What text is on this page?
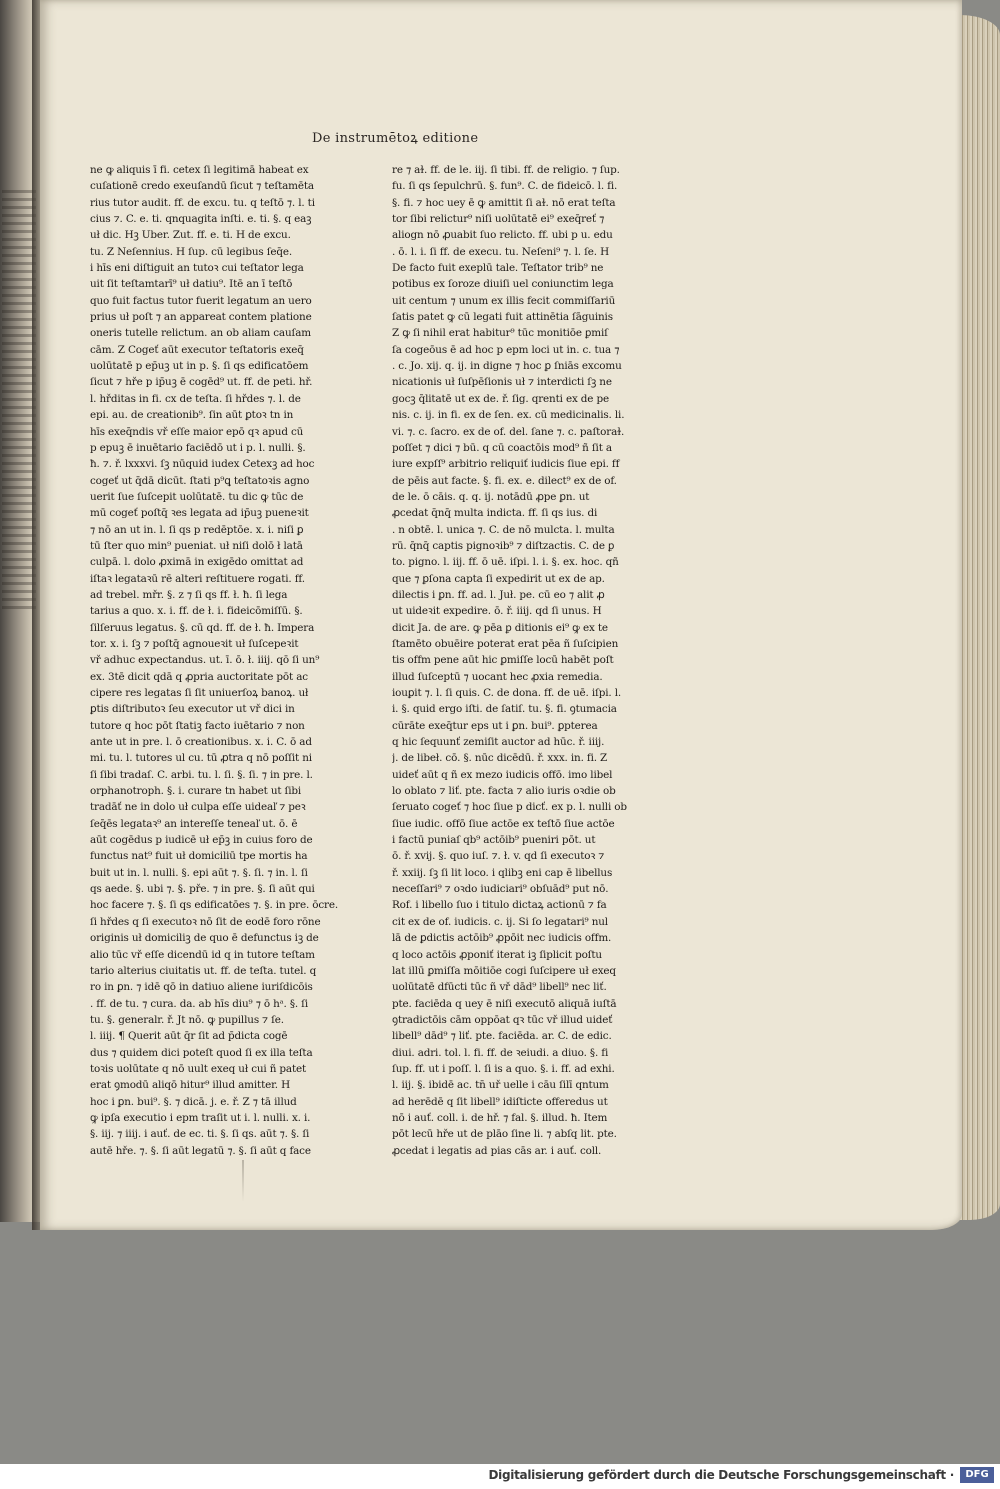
De instrumētoꝝ editione
ne ꝙ aliquis ī fi. cetex ſi legitimā habeat ex
cuſationē credo exeuſandū ſicut ⁊ teſtamēta
rius tutor audit. ff. de excu. tu. q teſtō ⁊. l. ti
cius ⁊. C. e. ti. qnquagita inſti. e. ti. §. q eaꝫ
uł dic. Hꝫ Uber. Zut. ff. e. ti. H de excu.
tu. Z Neſennius. H ſup. cū legibus ſeq̄e.
i hīs eni diſtiguit an tutoꝛ cui teſtator lega
uit ſit teſtamtarī⁹ uł datiu⁹. Itē an ī teſtō
quo fuit factus tutor fuerit legatum an uero
prius uł poſt ⁊ an appareat contem platione
oneris tutelle relictum. an ob aliam cauſam
cām. Z Cogeť aūt executor teſtatoris exeq̄
uolūtatē p ep̄uꝫ ut in p. §. ſi qs edificatōem
ſicut ⁊ hře p ip̄uꝫ ē cogēd⁹ ut. ff. de peti. hř.
l. hřditas in fi. cx de teſta. ſi hřdes ⁊. l. de
epi. au. de creationib⁹. ſin aūt ꝑtoꝛ tn in
hīs exeq̄ndis vř eſſe maior epō qꝛ apud cū
p epuꝫ ē inuētario faciēdō ut i p. l. nulli. §.
ħ. ⁊. ř. lxxxvi. ſꝫ nūquid iudex Cetexꝫ ad hoc
cogeť ut q̄dā dicūt. ſtati p⁹ꝗ teſtatoꝛis agno
uerit ſue ſuſcepit uolūtatē. tu dic ꝙ tūc de
mū cogeť poſtq̄ ꝛes legata ad ip̄uꝫ pueneꝛit
⁊ nō an ut in. l. ſi qs p redēptōe. x. i. niſi ꝑ
tū ſter quo min⁹ pueniat. uł niſi dolō ł latā
culpā. l. dolo ꝓximā in exigēdo omittat ad
iſtaꝛ legataꝛū rē alteri reſtituere rogati. ff.
ad trebel. mřr. §. z ⁊ ſi qs ff. ł. ħ. ſi lega
tarius a quo. x. i. ff. de ł. i. fideicōmiſſū. §.
ſilſeruus legatus. §. cū qd. ff. de ł. ħ. Impera
tor. x. i. ſꝫ ⁊ poſtq̄ agnoueꝛit uł ſuſcepeꝛit
vř adhuc expectandus. ut. ī. ō. ł. iiij. qō ſi un⁹
ex. 3tē dicit qdā q ꝓpria auctoritate pōt ac
cipere res legatas ſi ſit uniuerſoꝝ banoꝝ. uł
ꝑtis diſtributoꝛ ſeu executor ut vř dici in
tutore q hoc pōt ſtatiꝫ facto iuētario ⁊ non
ante ut in pre. l. ō creationibus. x. i. C. ō ad
mi. tu. l. tutores ul cu. tū ꝓtra q nō poſſit ni
ſi ſibi tradaſ. C. arbi. tu. l. ſi. §. ſi. ⁊ in pre. l.
orphanotroph. §. i. curare tn habet ut ſibi
tradāť ne in dolo uł culpa eſſe uideaľ ⁊ peꝛ
ſeq̄ēs legataꝛ⁹ an intereſſe teneaľ ut. ō. ē
aūt cogēdus p iudicē uł ep̄ꝫ in cuius foro de
functus nat⁹ fuit uł domiciliū tpe mortis ha
buit ut in. l. nulli. §. epi aūt ⁊. §. ſi. ⁊ in. l. ſi
qs aede. §. ubi ⁊. §. pře. ⁊ in pre. §. ſi aūt qui
hoc facere ⁊. §. ſi qs edificatōes ⁊. §. in pre. ōcre.
ſi hřdes q ſi executoꝛ nō ſit de eodē foro rōne
originis uł domiciliꝫ de quo ē defunctus iꝫ de
alio tūc vř eſſe dicendū id q in tutore teſtam
tario alterius ciuitatis ut. ff. de teſta. tutel. q
ro in ꝑn. ⁊ idē qō in datiuo aliene iuriſdicōis
. ff. de tu. ⁊ cura. da. ab hīs diu⁹ ⁊ ō hᵃ. §. ſi
tu. §. generalr. ř. Jt nō. ꝙ pupillus ⁊ ſe.
l. iiij. ¶ Querit aūt q̄r ſit ad p̄dicta cogē
dus ⁊ quidem dici poteſt quod ſi ex illa teſta
toꝛis uolūtate q nō uult exeq uł cui ñ patet
erat ꝯmodū aliqō hitur⁹ illud amitter. H
hoc i ꝑn. bui⁹. §. ⁊ dicā. j. e. ř. Z ⁊ tā illud
ꝙ ipſa executio i epm traſit ut i. l. nulli. x. i.
§. iij. ⁊ iiij. i auť. de ec. ti. §. ſi qs. aūt ⁊. §. ſi
autē hře. ⁊. §. ſi aūt legatū ⁊. §. ſi aūt q face
re ⁊ aɫ. ff. de le. iij. ſi tibi. ff. de religio. ⁊ ſup.
fu. ſi qs ſepulchrū. §. fun⁹. C. de fideicō. l. fi.
§. fi. ⁊ hoc uey ē ꝙ amittit ſi aɫ. nō erat teſta
tor ſibi relictur⁹ niſi uolūtatē ei⁹ exeq̄reť ⁊
aliogn nō ꝓuabit ſuo relicto. ff. ubi p u. edu
. ō. l. i. ſi ff. de execu. tu. Neſeni⁹ ⁊. l. ſe. H
De facto fuit exeplū tale. Teſtator trib⁹ ne
potibus ex ſoroze diuiſi uel coniunctim lega
uit centum ⁊ unum ex illis fecit commiſſariū
ſatis patet ꝙ cū legati fuit attinētia ſāguinis
Z ꝙ ſi nihil erat habitur⁹ tūc monitiōe ꝑmiſ
ſa cogeōus ē ad hoc p epm loci ut in. c. tua ⁊
. c. Jo. xij. q. ij. in digne ⁊ hoc ꝑ ſniās excomu
nicationis uł ſuſpēſionis uł ⁊ interdicti ſꝫ ne
gocꝫ q̄litatē ut ex de. ř. ſig. qrenti ex de pe
nis. c. ij. in fi. ex de ſen. ex. cū medicinalis. li.
vi. ⁊. c. ſacro. ex de of. del. ſane ⁊. c. paſtoraɫ.
poſſet ⁊ dici ⁊ bū. q cū coactōis mod⁹ ñ ſit a
iure expſſ⁹ arbitrio reliquiť iudicis ſiue epi. ff
de pēis aut facte. §. fi. ex. e. dilect⁹ ex de of.
de le. ō cāis. q. q. ij. notādū ꝓpe ꝑn. ut
ꝓcedat q̄nq̄ multa indicta. ff. ſi qs ius. di
. n obtē. l. unica ⁊. C. de nō mulcta. l. multa
rū. q̄nq̄ captis pignoꝛib⁹ ⁊ diſtzactis. C. de ꝑ
to. pigno. l. iij. ff. ō uē. iſpi. l. i. §. ex. hoc. qñ
que ⁊ ꝑſona capta ſi expedirit ut ex de ap.
dilectis i ꝑn. ff. ad. l. Juł. pe. cū eo ⁊ alit ꝓ
ut uideꝛit expedire. ō. ř. iiij. qd ſi unus. H
dicit Ja. de are. ꝙ pēa ꝑ ditionis ei⁹ ꝙ ex te
ſtamēto obuēire poterat erat pēa ñ ſuſcipien
tis offm pene aūt hic ꝑmiſſe locū habēt poſt
illud ſuſceptū ⁊ uocant hec ꝓxia remedia.
iouꝑit ⁊. l. ſi quis. C. de dona. ff. de uē. iſpi. l.
i. §. quid ergo iſti. de ſatiſ. tu. §. fi. ꝯtumacia
cūrāte exeq̄tur eps ut i ꝑn. bui⁹. ꝑpterea
q hic ſequunť zemiſit auctor ad hūc. ř. iiij.
j. de libeł. cō. §. nūc dicēdū. ř. xxx. in. fi. Z
uideť aūt q ñ ex mezo iudicis offō. imo libel
lo oblato ⁊ liť. pte. facta ⁊ alio iuris oꝛdie ob
ſeruato cogeť ⁊ hoc ſiue p dicť. ex p. l. nulli ob
ſiue iudic. offō ſiue actōe ex teſtō ſiue actōe
i factū puniaſ qb⁹ actōib⁹ pueniri pōt. ut
ō. ř. xvij. §. quo iuſ. ⁊. ł. v. qd ſi executoꝛ ⁊
ř. xxiij. ſꝫ ſi lit loco. i qlibꝫ eni cap ē libellus
neceſſari⁹ ⁊ oꝛdo iudiciari⁹ obſuād⁹ put nō.
Rof. i libello ſuo i titulo dictaꝝ actionū ⁊ fa
cit ex de of. iudicis. c. ij. Si ſo legatari⁹ nul
lā de ꝑdictis actōib⁹ ꝓpōit nec iudicis offm.
q loco actōis ꝓponiť iterat iꝫ ſiplicit poſtu
lat illū ꝑmiſſa mōitiōe cogi ſuſcipere uł exeq
uolūtatē dfūcti tūc ñ vř dād⁹ libell⁹ nec liť.
pte. faciēda q uey ē niſi executō aliquā iuſtā
ꝯtradictōis cām oppōat qꝛ tūc vř illud uideť
libell⁹ dād⁹ ⁊ liť. pte. faciēda. ar. C. de edic.
diui. adri. tol. l. fi. ff. de ꝛeiudi. a diuo. §. fi
ſup. ff. ut i poſſ. l. ſi is a quo. §. i. ff. ad exhi.
l. iij. §. ibidē ac. tn̄ uř uelle i cāu ſilī qntum
ad herēdē q ſit libell⁹ idiſticte offeredus ut
nō i auť. coll. i. de hř. ⁊ fal. §. illud. ħ. Item
pōt lecū hře ut de plāo ſine li. ⁊ abſq lit. pte.
ꝓcedat i legatis ad pias cās ar. i auť. coll.
Digitalisierung gefördert durch die Deutsche Forschungsgemeinschaft ·	DFG
